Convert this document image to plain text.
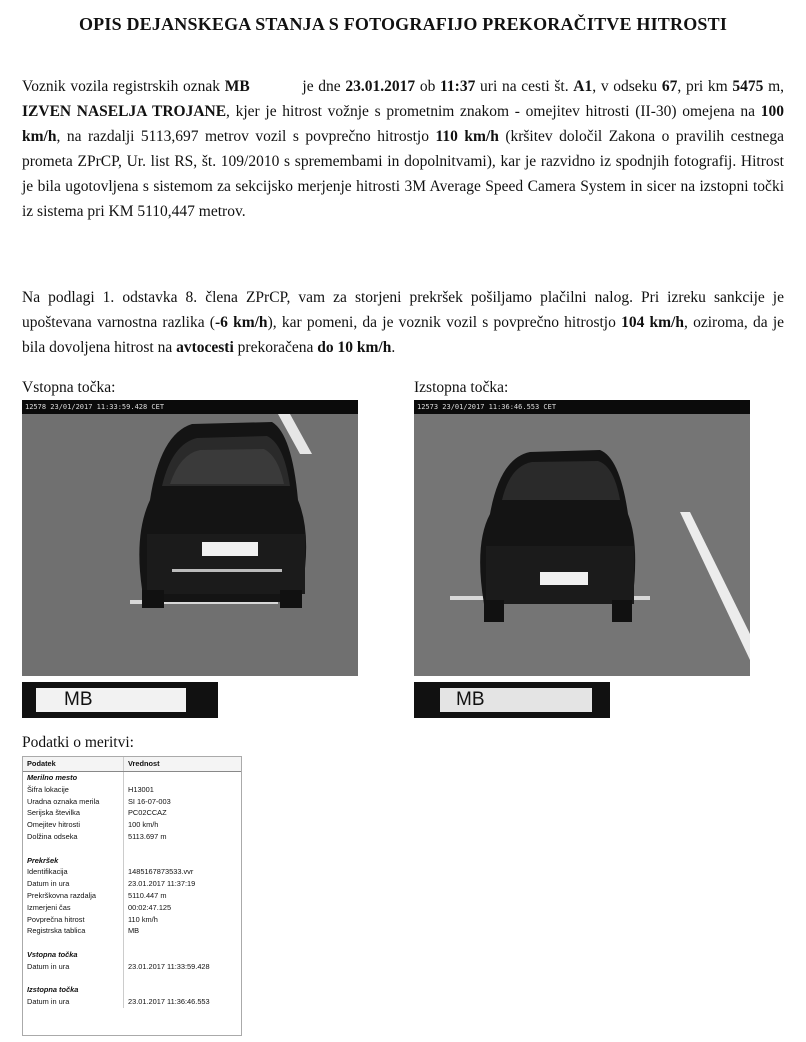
OPIS DEJANSKEGA STANJA S FOTOGRAFIJO PREKORAČITVE HITROSTI
Voznik vozila registrskih oznak MB	je dne 23.01.2017 ob 11:37 uri na cesti št. A1, v odseku 67, pri km 5475 m, IZVEN NASELJA TROJANE, kjer je hitrost vožnje s prometnim znakom - omejitev hitrosti (II-30) omejena na 100 km/h, na razdalji 5113,697 metrov vozil s povprečno hitrostjo 110 km/h (kršitev določil Zakona o pravilih cestnega prometa ZPrCP, Ur. list RS, št. 109/2010 s spremembami in dopolnitvami), kar je razvidno iz spodnjih fotografij. Hitrost je bila ugotovljena s sistemom za sekcijsko merjenje hitrosti 3M Average Speed Camera System in sicer na izstopni točki iz sistema pri KM 5110,447 metrov.
Na podlagi 1. odstavka 8. člena ZPrCP, vam za storjeni prekršek pošiljamo plačilni nalog. Pri izreku sankcije je upoštevana varnostna razlika (-6 km/h), kar pomeni, da je voznik vozil s povprečno hitrostjo 104 km/h, oziroma, da je bila dovoljena hitrost na avtocesti prekoračena do 10 km/h.
Vstopna točka:
12578 23/01/2017 11:33:59.428 CET
MB
Izstopna točka:
12573 23/01/2017 11:36:46.553 CET
MB
Podatki o meritvi:
Podatek	Vrednost
Merilno mesto
Šifra lokacije	H13001
Uradna oznaka merila	SI 16-07-003
Serijska številka	PC02CCAZ
Omejitev hitrosti	100 km/h
Dolžina odseka	5113.697 m
Prekršek
Identifikacija	1485167873533.vvr
Datum in ura	23.01.2017 11:37:19
Prekrškovna razdalja	5110.447 m
Izmerjeni čas	00:02:47.125
Povprečna hitrost	110 km/h
Registrska tablica	MB
Vstopna točka
Datum in ura	23.01.2017 11:33:59.428
Izstopna točka
Datum in ura	23.01.2017 11:36:46.553
